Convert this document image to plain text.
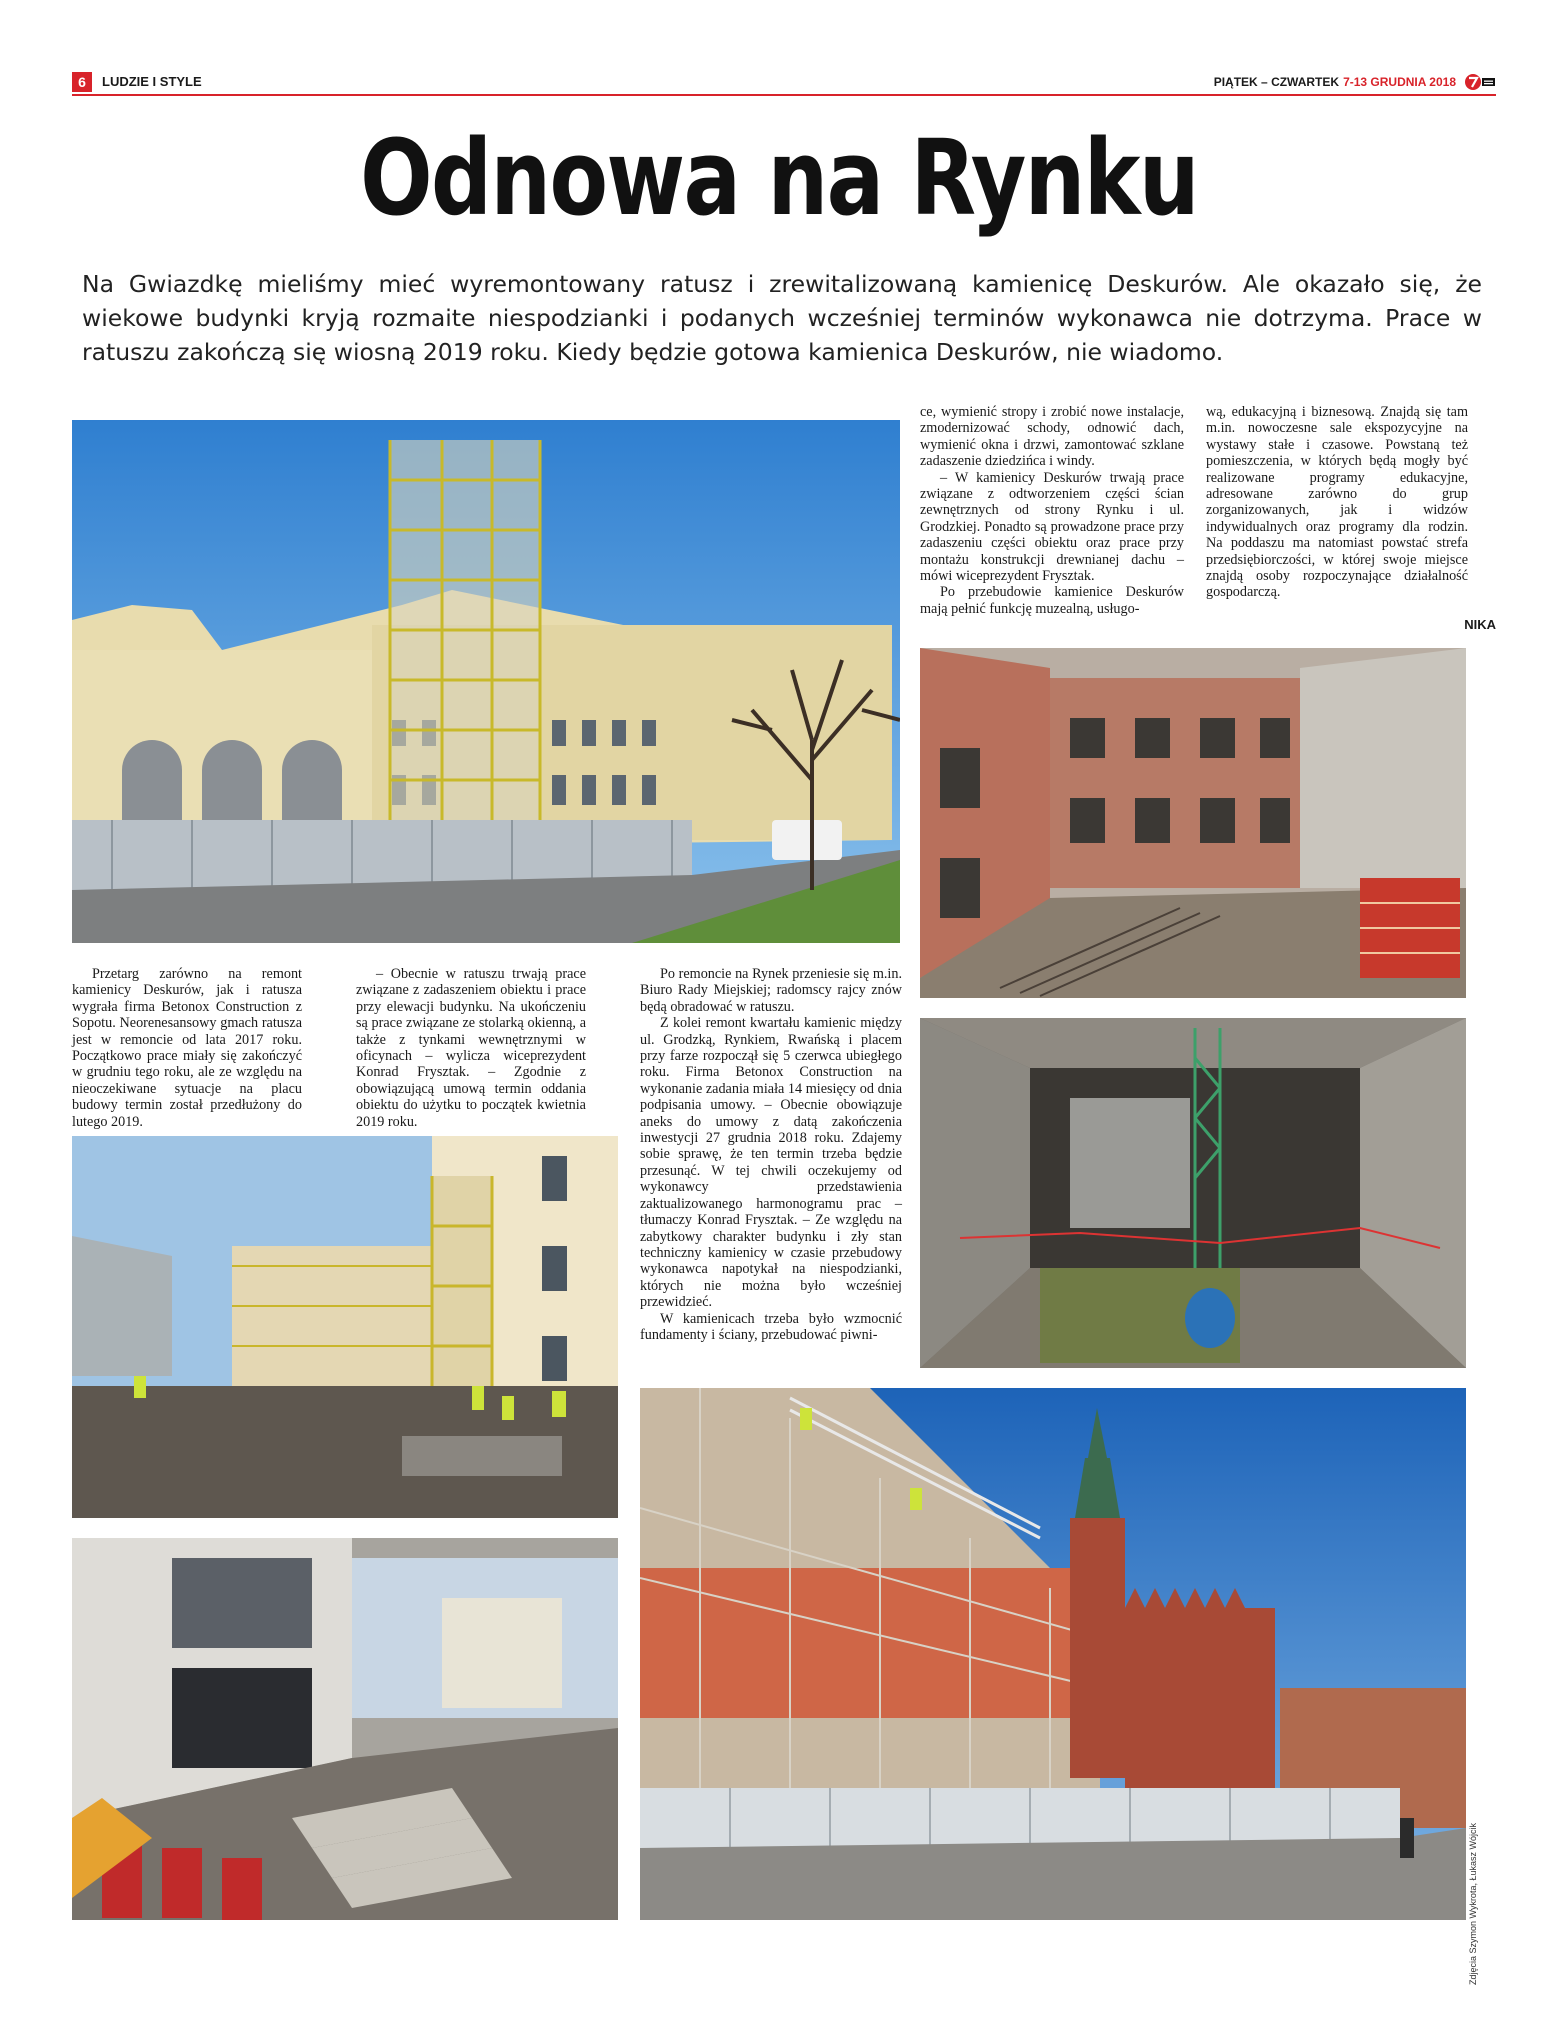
6	LUDZIE I STYLE	PIĄTEK – CZWARTEK 7-13 GRUDNIA 2018
Odnowa na Rynku
Na Gwiazdkę mieliśmy mieć wyremontowany ratusz i zrewitalizowaną kamienicę Deskurów. Ale okazało się, że wiekowe budynki kryją rozmaite niespodzianki i podanych wcześniej terminów wykonawca nie dotrzyma. Prace w ratuszu zakończą się wiosną 2019 roku. Kiedy będzie gotowa kamienica Deskurów, nie wiadomo.

Przetarg zarówno na remont kamienicy Deskurów, jak i ratusza wygrała firma Betonox Construction z Sopotu. Neorenesansowy gmach ratusza jest w remoncie od lata 2017 roku. Początkowo prace miały się zakończyć w grudniu tego roku, ale ze względu na nieoczekiwane sytuacje na placu budowy termin został przedłużony do lutego 2019.

– Obecnie w ratuszu trwają prace związane z zadaszeniem obiektu i prace przy elewacji budynku. Na ukończeniu są prace związane ze stolarką okienną, a także z tynkami wewnętrznymi w oficynach – wylicza wiceprezydent Konrad Frysztak. – Zgodnie z obowiązującą umową termin oddania obiektu do użytku to początek kwietnia 2019 roku.

Po remoncie na Rynek przeniesie się m.in. Biuro Rady Miejskiej; radomscy rajcy znów będą obradować w ratuszu.

Z kolei remont kwartału kamienic między ul. Grodzką, Rynkiem, Rwańską i placem przy farze rozpoczął się 5 czerwca ubiegłego roku. Firma Betonox Construction na wykonanie zadania miała 14 miesięcy od dnia podpisania umowy. – Obecnie obowiązuje aneks do umowy z datą zakończenia inwestycji 27 grudnia 2018 roku. Zdajemy sobie sprawę, że ten termin trzeba będzie przesunąć. W tej chwili oczekujemy od wykonawcy przedstawienia zaktualizowanego harmonogramu prac – tłumaczy Konrad Frysztak. – Ze względu na zabytkowy charakter budynku i zły stan techniczny kamienicy w czasie przebudowy wykonawca napotykał na niespodzianki, których nie można było wcześniej przewidzieć.

W kamienicach trzeba było wzmocnić fundamenty i ściany, przebudować piwni-

ce, wymienić stropy i zrobić nowe instalacje, zmodernizować schody, odnowić dach, wymienić okna i drzwi, zamontować szklane zadaszenie dziedzińca i windy.

– W kamienicy Deskurów trwają prace związane z odtworzeniem części ścian zewnętrznych od strony Rynku i ul. Grodzkiej. Ponadto są prowadzone prace przy zadaszeniu części obiektu oraz prace przy montażu konstrukcji drewnianej dachu – mówi wiceprezydent Frysztak.

Po przebudowie kamienice Deskurów mają pełnić funkcję muzealną, usługo-

wą, edukacyjną i biznesową. Znajdą się tam m.in. nowoczesne sale ekspozycyjne na wystawy stałe i czasowe. Powstaną też pomieszczenia, w których będą mogły być realizowane programy edukacyjne, adresowane zarówno do grup zorganizowanych, jak i widzów indywidualnych oraz programy dla rodzin. Na poddaszu ma natomiast powstać strefa przedsiębiorczości, w której swoje miejsce znajdą osoby rozpoczynające działalność gospodarczą.

NIKA
Zdjęcia Szymon Wykrota, Łukasz Wójcik
